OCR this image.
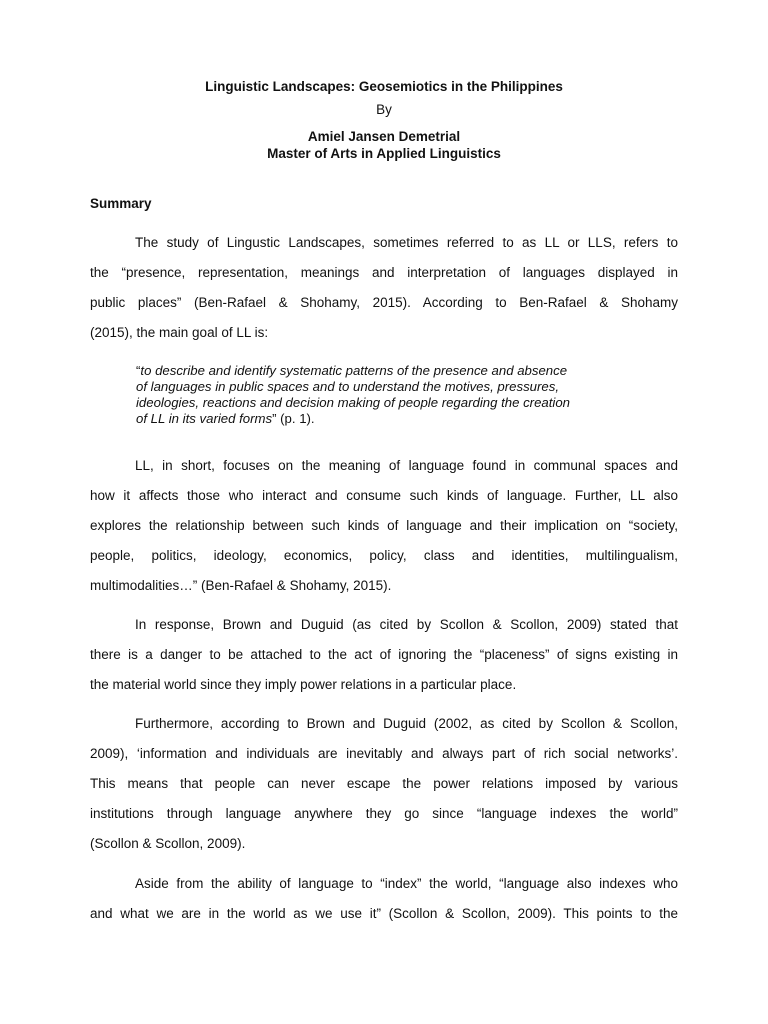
Linguistic Landscapes: Geosemiotics in the Philippines
By
Amiel Jansen Demetrial
Master of Arts in Applied Linguistics
Summary
The study of Lingustic Landscapes, sometimes referred to as LL or LLS, refers to
the “presence, representation, meanings and interpretation of languages displayed in
public places” (Ben-Rafael & Shohamy, 2015). According to Ben-Rafael & Shohamy
(2015), the main goal of LL is:
“to describe and identify systematic patterns of the presence and absence
of languages in public spaces and to understand the motives, pressures,
ideologies, reactions and decision making of people regarding the creation
of LL in its varied forms” (p. 1).
LL, in short, focuses on the meaning of language found in communal spaces and
how it affects those who interact and consume such kinds of language. Further, LL also
explores the relationship between such kinds of language and their implication on “society,
people, politics, ideology, economics, policy, class and identities, multilingualism,
multimodalities…” (Ben-Rafael & Shohamy, 2015).
In response, Brown and Duguid (as cited by Scollon & Scollon, 2009) stated that
there is a danger to be attached to the act of ignoring the “placeness” of signs existing in
the material world since they imply power relations in a particular place.
Furthermore, according to Brown and Duguid (2002, as cited by Scollon & Scollon,
2009), ‘information and individuals are inevitably and always part of rich social networks’.
This means that people can never escape the power relations imposed by various
institutions through language anywhere they go since “language indexes the world”
(Scollon & Scollon, 2009).
Aside from the ability of language to “index” the world, “language also indexes who
and what we are in the world as we use it” (Scollon & Scollon, 2009). This points to the
